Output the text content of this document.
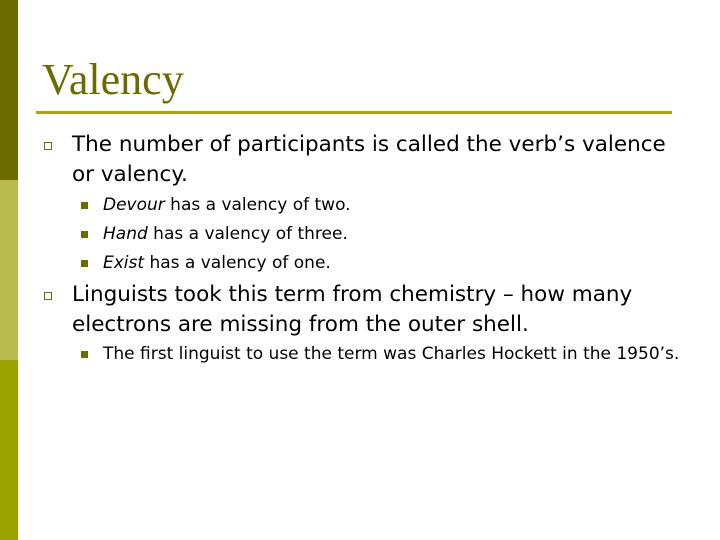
Valency
The number of participants is called the verb’s valence or valency.
Devour has a valency of two.
Hand has a valency of three.
Exist has a valency of one.
Linguists took this term from chemistry – how many electrons are missing from the outer shell.
The first linguist to use the term was Charles Hockett in the 1950’s.
